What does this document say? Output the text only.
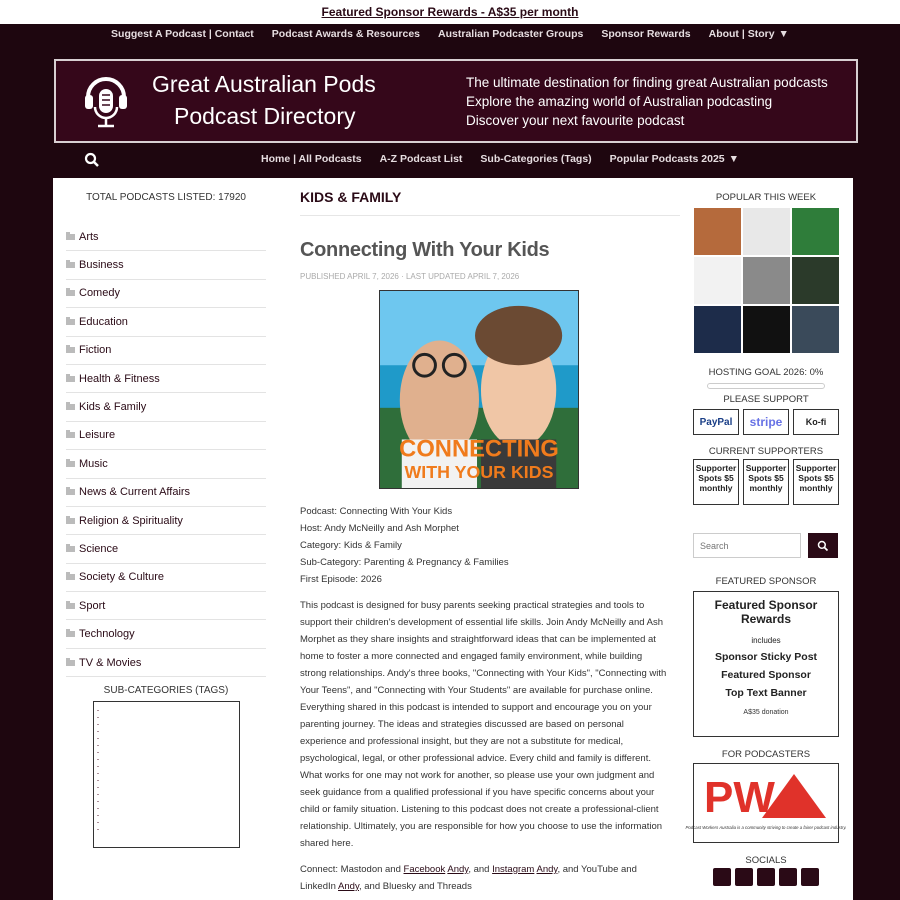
Featured Sponsor Rewards - A$35 per month
Suggest A Podcast | Contact Podcast Awards & Resources Australian Podcaster Groups Sponsor Rewards About | Story ▼
Great Australian Pods
Podcast Directory
The ultimate destination for finding great Australian podcasts
Explore the amazing world of Australian podcasting
Discover your next favourite podcast
Home | All Podcasts A-Z Podcast List Sub-Categories (Tags) Popular Podcasts 2025 ▼
TOTAL PODCASTS LISTED: 17920
Arts
Business
Comedy
Education
Fiction
Health & Fitness
Kids & Family
Leisure
Music
News & Current Affairs
Religion & Spirituality
Science
Society & Culture
Sport
Technology
TV & Movies
SUB-CATEGORIES (TAGS)

KIDS & FAMILY
Connecting With Your Kids
PUBLISHED APRIL 7, 2026 · LAST UPDATED APRIL 7, 2026
CONNECTING
WITH YOUR KIDS
Podcast: Connecting With Your Kids
Host: Andy McNeilly and Ash Morphet
Category: Kids & Family
Sub-Category: Parenting & Pregnancy & Families
First Episode: 2026

This podcast is designed for busy parents seeking practical strategies and tools to support their children's development of essential life skills. Join Andy McNeilly and Ash Morphet as they share insights and straightforward ideas that can be implemented at home to foster a more connected and engaged family environment, while building strong relationships. Andy's three books, "Connecting with Your Kids", "Connecting with Your Teens", and "Connecting with Your Students" are available for purchase online. Everything shared in this podcast is intended to support and encourage you on your parenting journey. The ideas and strategies discussed are based on personal experience and professional insight, but they are not a substitute for medical, psychological, legal, or other professional advice. Every child and family is different. What works for one may not work for another, so please use your own judgment and seek guidance from a qualified professional if you have specific concerns about your child or family situation. Listening to this podcast does not create a professional-client relationship. Ultimately, you are responsible for how you choose to use the information shared here.

Connect: Mastodon and Facebook Andy, and Instagram Andy, and YouTube and LinkedIn Andy, and Bluesky and Threads

POPULAR THIS WEEK
HOSTING GOAL 2026: 0%
PLEASE SUPPORT
PayPal stripe	Ko-fi
CURRENT SUPPORTERS
Supporter Spots $5 monthly
Supporter Spots $5 monthly
Supporter Spots $5 monthly
Search
FEATURED SPONSOR
Featured Sponsor Rewards
includes
Sponsor Sticky Post
Featured Sponsor
Top Text Banner
A$35 donation
FOR PODCASTERS
PW
Podcast Workers Australia is a community striving to create a fairer podcast industry.
SOCIALS
